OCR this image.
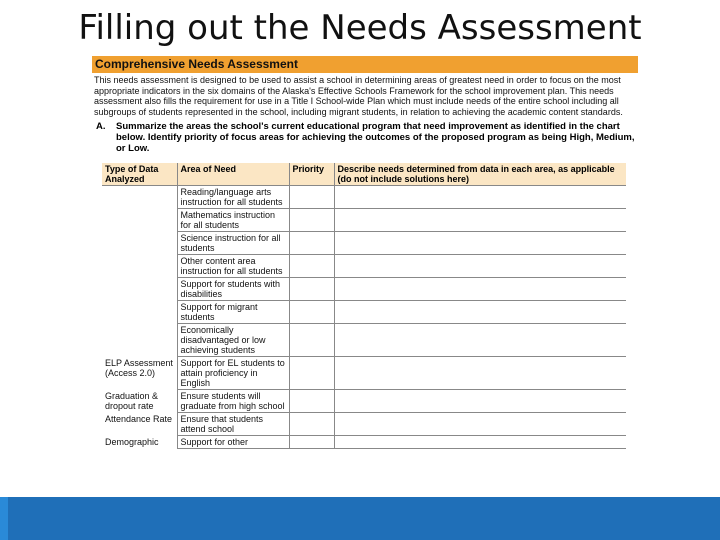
Filling out the Needs Assessment
Comprehensive Needs Assessment
This needs assessment is designed to be used to assist a school in determining areas of greatest need in order to focus on the most appropriate indicators in the six domains of the Alaska's Effective Schools Framework for the school improvement plan. This needs assessment also fills the requirement for use in a Title I School-wide Plan which must include needs of the entire school including all subgroups of students represented in the school, including migrant students, in relation to achieving the academic content standards.
A.	Summarize the areas the school's current educational program that need improvement as identified in the chart below. Identify priority of focus areas for achieving the outcomes of the proposed program as being High, Medium, or Low.
Type of Data Analyzed	Area of Need	Priority	Describe needs determined from data in each area, as applicable (do not include solutions here)
	Reading/language arts instruction for all students		
	Mathematics instruction for all students		
	Science instruction for all students		
	Other content area instruction for all students		
	Support for students with disabilities		
	Support for migrant students		
	Economically disadvantaged or low achieving students		
ELP Assessment (Access 2.0)	Support for EL students to attain proficiency in English		
Graduation & dropout rate	Ensure students will graduate from high school		
Attendance Rate	Ensure that students attend school		
Demographic	Support for other		
